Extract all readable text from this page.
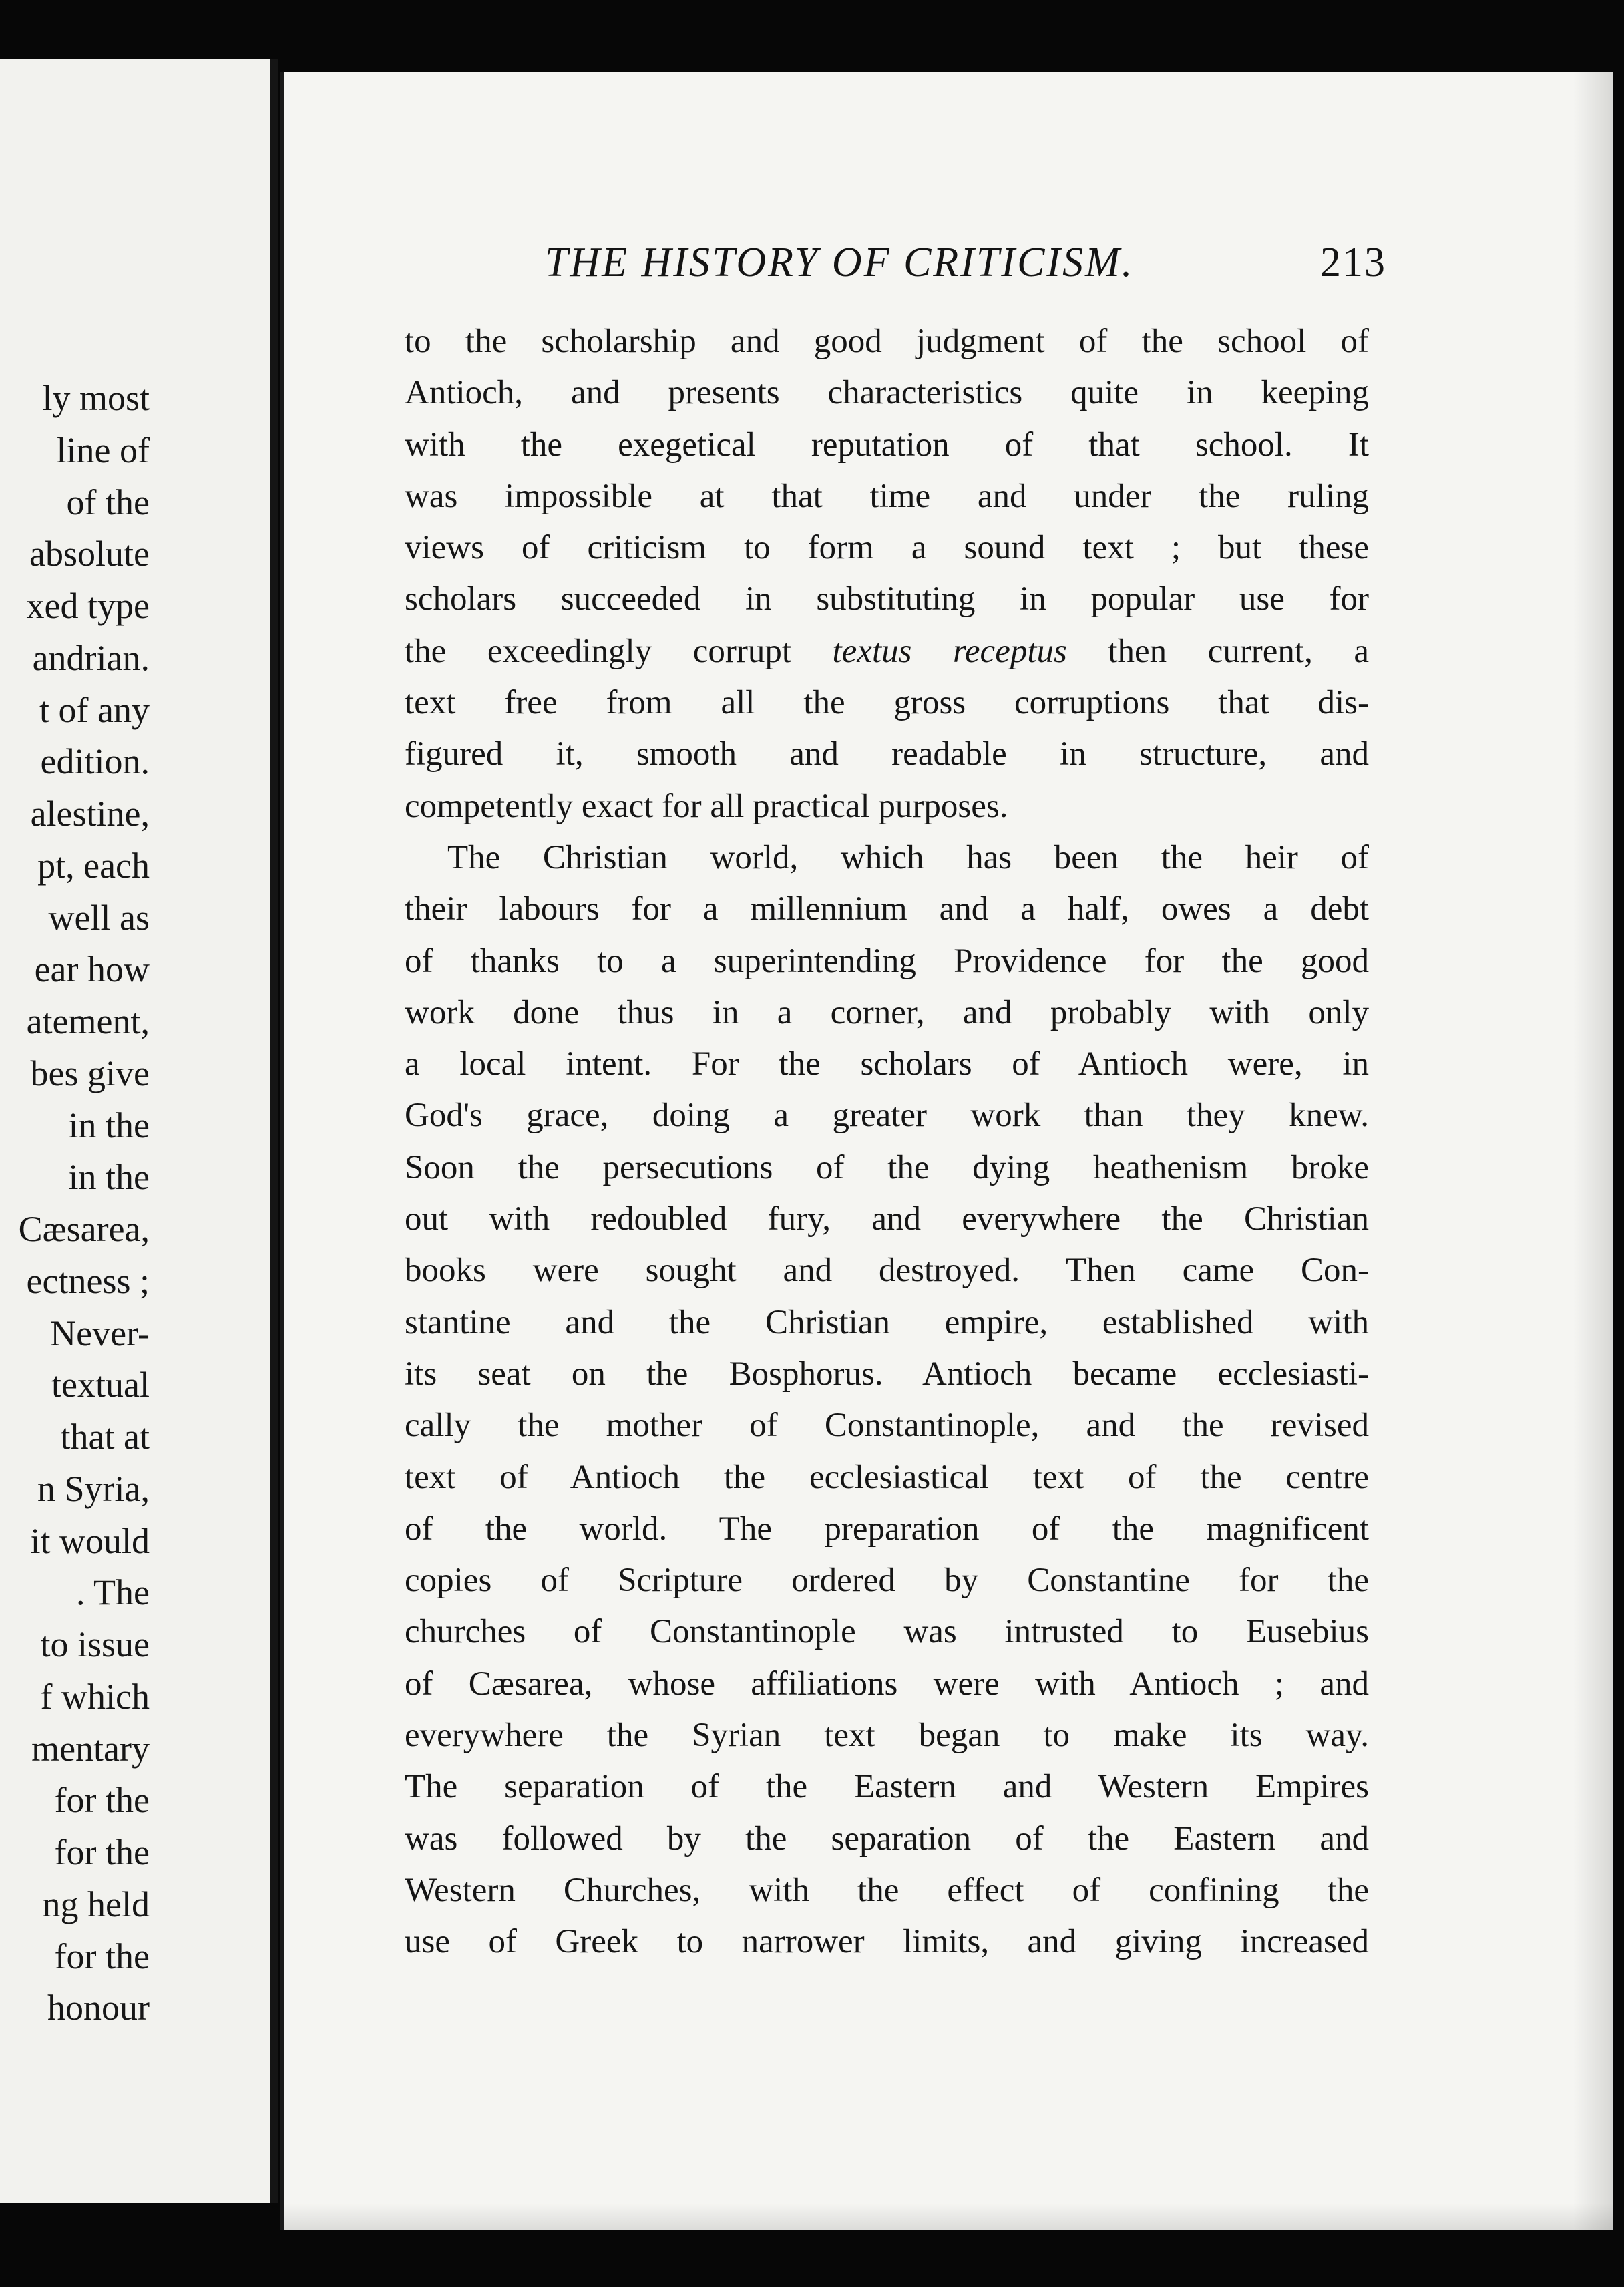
ly most
line of
of the
absolute
xed type
andrian.
t of any
edition.
alestine,
pt, each
well as
ear how
atement,
bes give
in the
in the
Cæsarea,
ectness ;
Never-
textual
that at
n Syria,
it would
. The
to issue
f which
mentary
for the
for the
ng held
for the
honour
THE HISTORY OF CRITICISM.	213
to the scholarship and good judgment of the school of
Antioch, and presents characteristics quite in keeping
with the exegetical reputation of that school. It
was impossible at that time and under the ruling
views of criticism to form a sound text ; but these
scholars succeeded in substituting in popular use for
the exceedingly corrupt textus receptus then current, a
text free from all the gross corruptions that dis-
figured it, smooth and readable in structure, and
competently exact for all practical purposes.
The Christian world, which has been the heir of
their labours for a millennium and a half, owes a debt
of thanks to a superintending Providence for the good
work done thus in a corner, and probably with only
a local intent. For the scholars of Antioch were, in
God's grace, doing a greater work than they knew.
Soon the persecutions of the dying heathenism broke
out with redoubled fury, and everywhere the Christian
books were sought and destroyed. Then came Con-
stantine and the Christian empire, established with
its seat on the Bosphorus. Antioch became ecclesiasti-
cally the mother of Constantinople, and the revised
text of Antioch the ecclesiastical text of the centre
of the world. The preparation of the magnificent
copies of Scripture ordered by Constantine for the
churches of Constantinople was intrusted to Eusebius
of Cæsarea, whose affiliations were with Antioch ; and
everywhere the Syrian text began to make its way.
The separation of the Eastern and Western Empires
was followed by the separation of the Eastern and
Western Churches, with the effect of confining the
use of Greek to narrower limits, and giving increased
